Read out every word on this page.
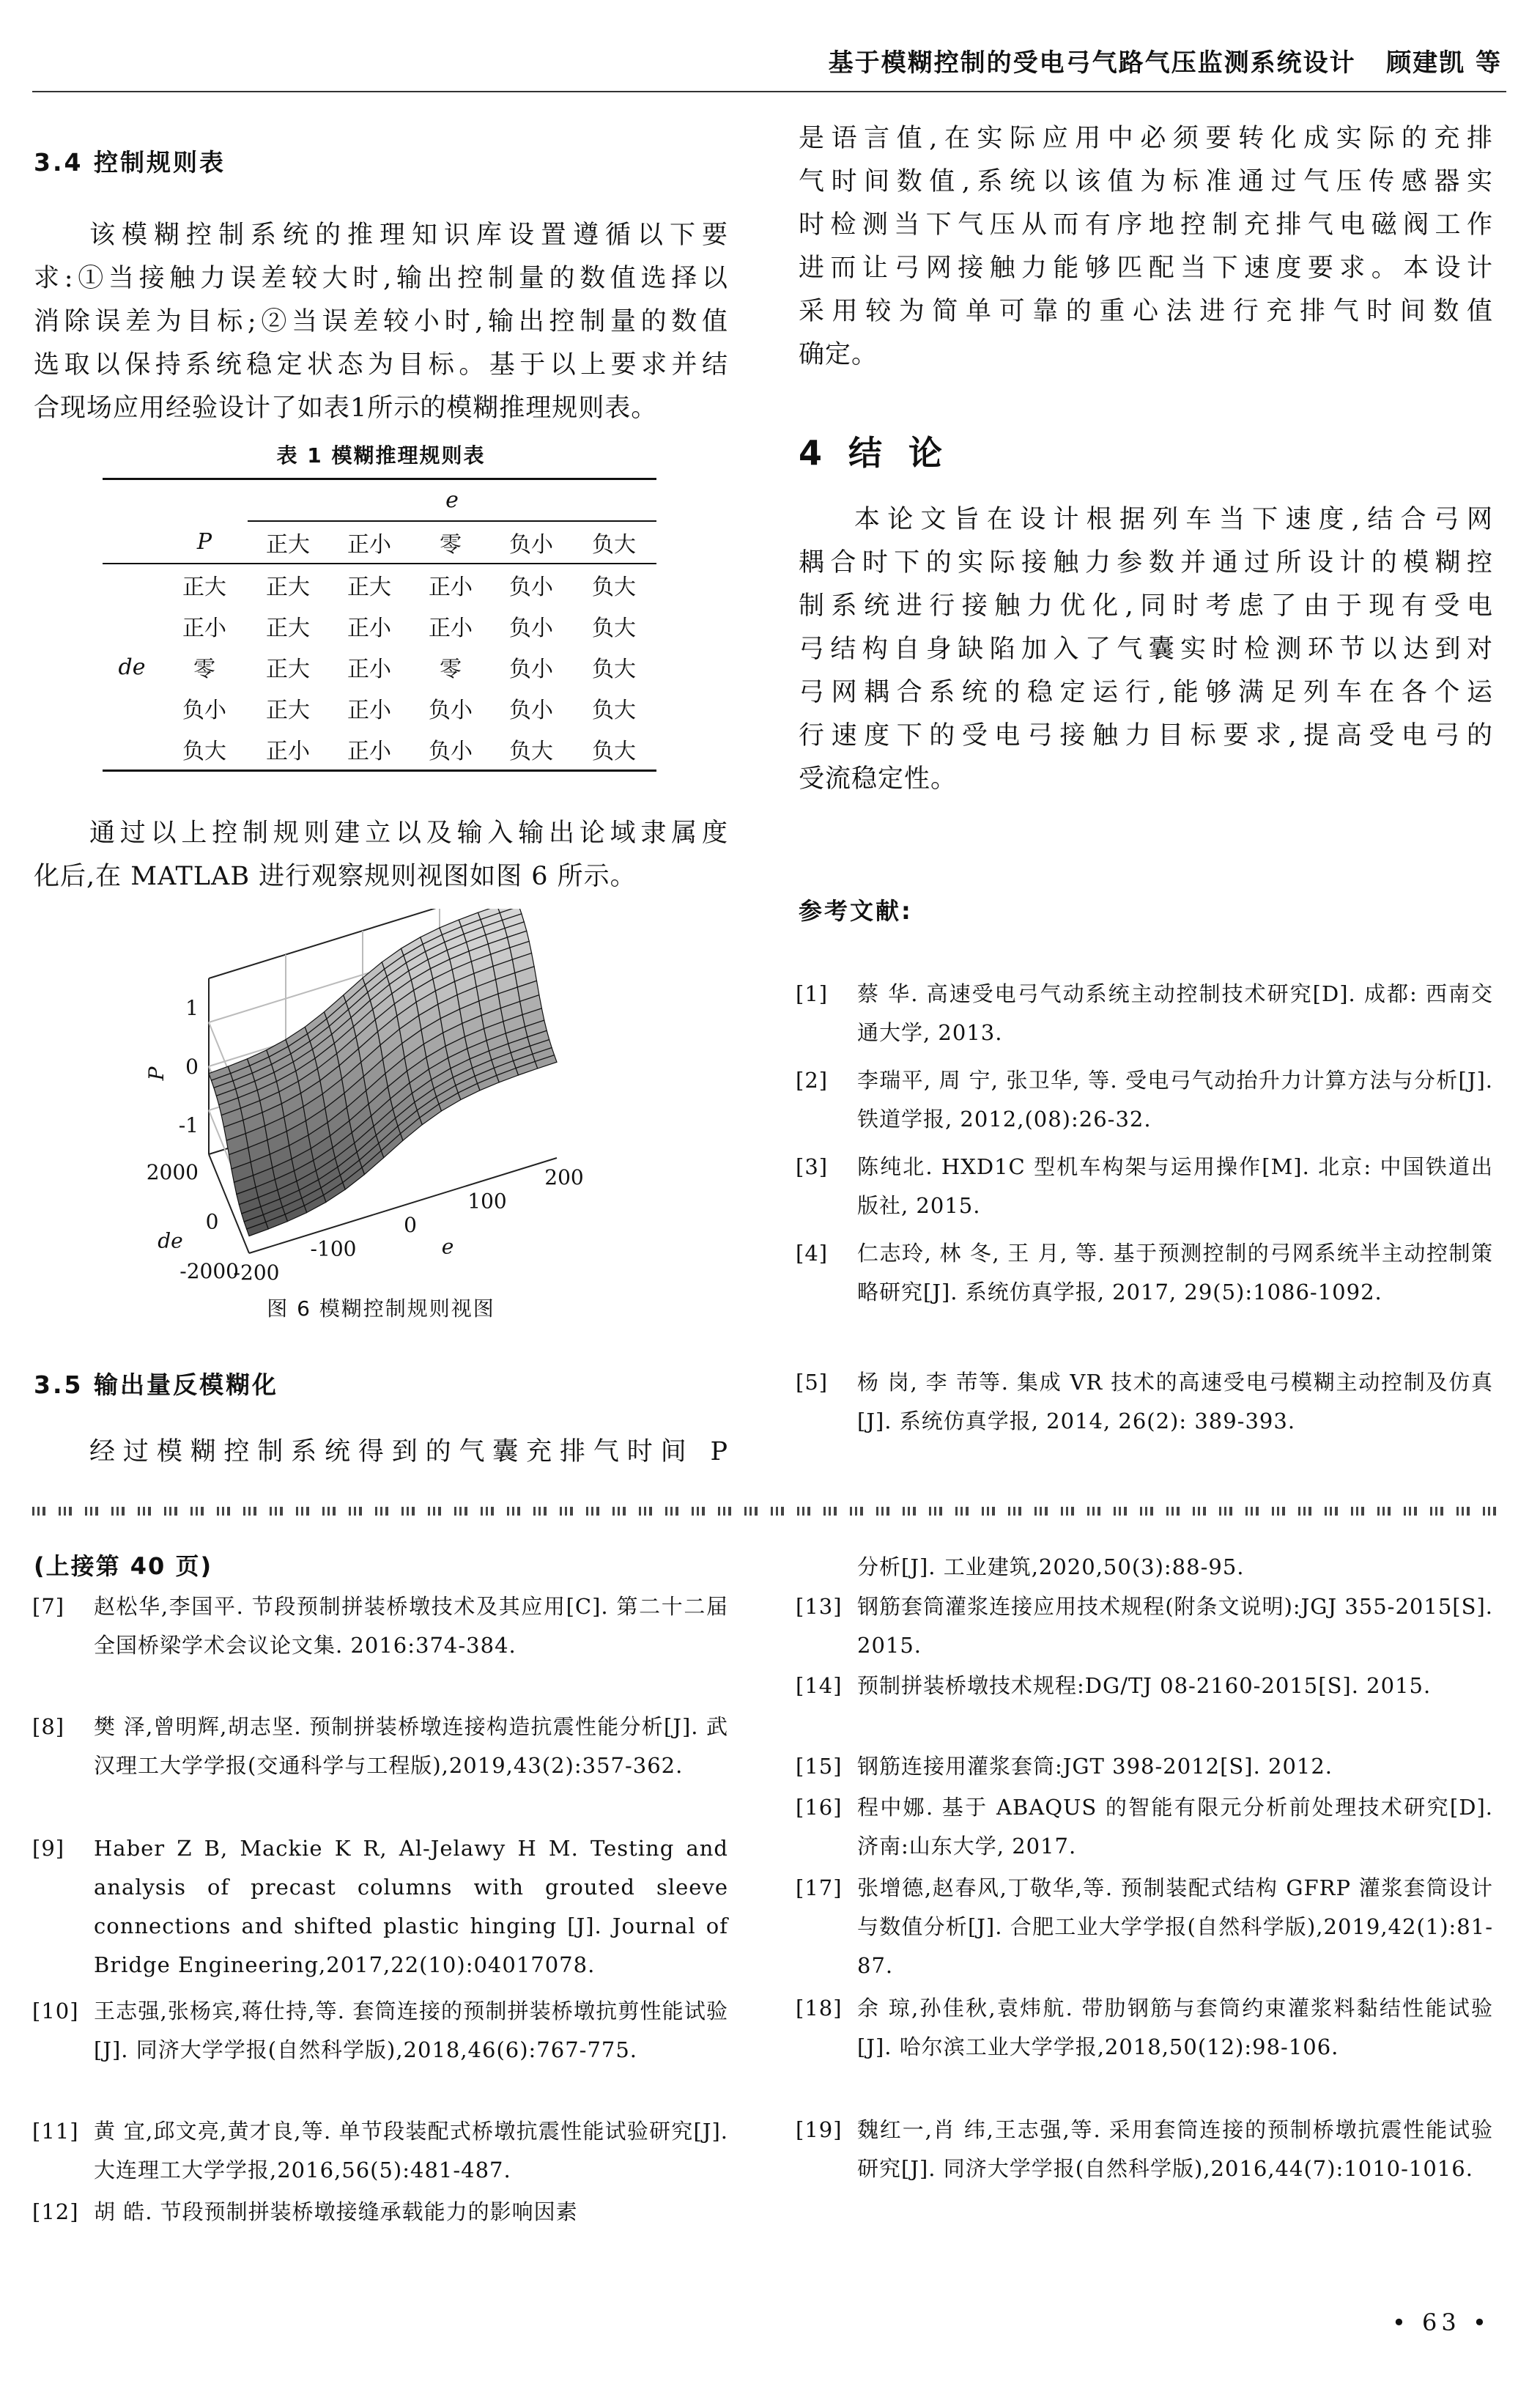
基于模糊控制的受电弓气路气压监测系统设计 顾建凯 等
3.4 控制规则表
该模糊控制系统的推理知识库设置遵循以下要
求:①当接触力误差较大时,输出控制量的数值选择以
消除误差为目标;②当误差较小时,输出控制量的数值
选取以保持系统稳定状态为目标。基于以上要求并结
合现场应用经验设计了如表1所示的模糊推理规则表。
表 1 模糊推理规则表
		e				
	P	正大	正小	零	负小	负大
de	正大	正大	正大	正小	负小	负大
	正小	正大	正小	正小	负小	负大
	零	正大	正小	零	负小	负大
	负小	正大	正小	负小	负小	负大
	负大	正小	正小	负小	负大	负大
通过以上控制规则建立以及输入输出论域隶属度
化后,在 MATLAB 进行观察规则视图如图 6 所示。
-200
-100
0
100
200
-2000
0
2000
1
0
-1
e
de
P
图 6 模糊控制规则视图
3.5 输出量反模糊化
经过模糊控制系统得到的气囊充排气时间 P
是语言值,在实际应用中必须要转化成实际的充排
气时间数值,系统以该值为标准通过气压传感器实
时检测当下气压从而有序地控制充排气电磁阀工作
进而让弓网接触力能够匹配当下速度要求。本设计
采用较为简单可靠的重心法进行充排气时间数值
确定。
4 结 论
本论文旨在设计根据列车当下速度,结合弓网
耦合时下的实际接触力参数并通过所设计的模糊控
制系统进行接触力优化,同时考虑了由于现有受电
弓结构自身缺陷加入了气囊实时检测环节以达到对
弓网耦合系统的稳定运行,能够满足列车在各个运
行速度下的受电弓接触力目标要求,提高受电弓的
受流稳定性。
参考文献:
[1] 蔡 华. 高速受电弓气动系统主动控制技术研究[D]. 成都: 西南交通大学, 2013.
[2] 李瑞平, 周 宁, 张卫华, 等. 受电弓气动抬升力计算方法与分析[J]. 铁道学报, 2012,(08):26-32.
[3] 陈纯北. HXD1C 型机车构架与运用操作[M]. 北京: 中国铁道出版社, 2015.
[4] 仁志玲, 林 冬, 王 月, 等. 基于预测控制的弓网系统半主动控制策略研究[J]. 系统仿真学报, 2017, 29(5):1086-1092.
[5] 杨 岗, 李 芾等. 集成 VR 技术的高速受电弓模糊主动控制及仿真[J]. 系统仿真学报, 2014, 26(2): 389-393.
(上接第 40 页)
[7] 赵松华,李国平. 节段预制拼装桥墩技术及其应用[C]. 第二十二届全国桥梁学术会议论文集. 2016:374-384.
[8] 樊 泽,曾明辉,胡志坚. 预制拼装桥墩连接构造抗震性能分析[J]. 武汉理工大学学报(交通科学与工程版),2019,43(2):357-362.
[9] Haber Z B, Mackie K R, Al-Jelawy H M. Testing and analysis of precast columns with grouted sleeve connections and shifted plastic hinging [J]. Journal of Bridge Engineering,2017,22(10):04017078.
[10] 王志强,张杨宾,蒋仕持,等. 套筒连接的预制拼装桥墩抗剪性能试验[J]. 同济大学学报(自然科学版),2018,46(6):767-775.
[11] 黄 宜,邱文亮,黄才良,等. 单节段装配式桥墩抗震性能试验研究[J]. 大连理工大学学报,2016,56(5):481-487.
[12] 胡 皓. 节段预制拼装桥墩接缝承载能力的影响因素
分析[J]. 工业建筑,2020,50(3):88-95.
[13] 钢筋套筒灌浆连接应用技术规程(附条文说明):JGJ 355-2015[S]. 2015.
[14] 预制拼装桥墩技术规程:DG/TJ 08-2160-2015[S]. 2015.
[15] 钢筋连接用灌浆套筒:JGT 398-2012[S]. 2012.
[16] 程中娜. 基于 ABAQUS 的智能有限元分析前处理技术研究[D]. 济南:山东大学, 2017.
[17] 张增德,赵春风,丁敬华,等. 预制装配式结构 GFRP 灌浆套筒设计与数值分析[J]. 合肥工业大学学报(自然科学版),2019,42(1):81-87.
[18] 余 琼,孙佳秋,袁炜航. 带肋钢筋与套筒约束灌浆料黏结性能试验[J]. 哈尔滨工业大学学报,2018,50(12):98-106.
[19] 魏红一,肖 纬,王志强,等. 采用套筒连接的预制桥墩抗震性能试验研究[J]. 同济大学学报(自然科学版),2016,44(7):1010-1016.
• 63 •
